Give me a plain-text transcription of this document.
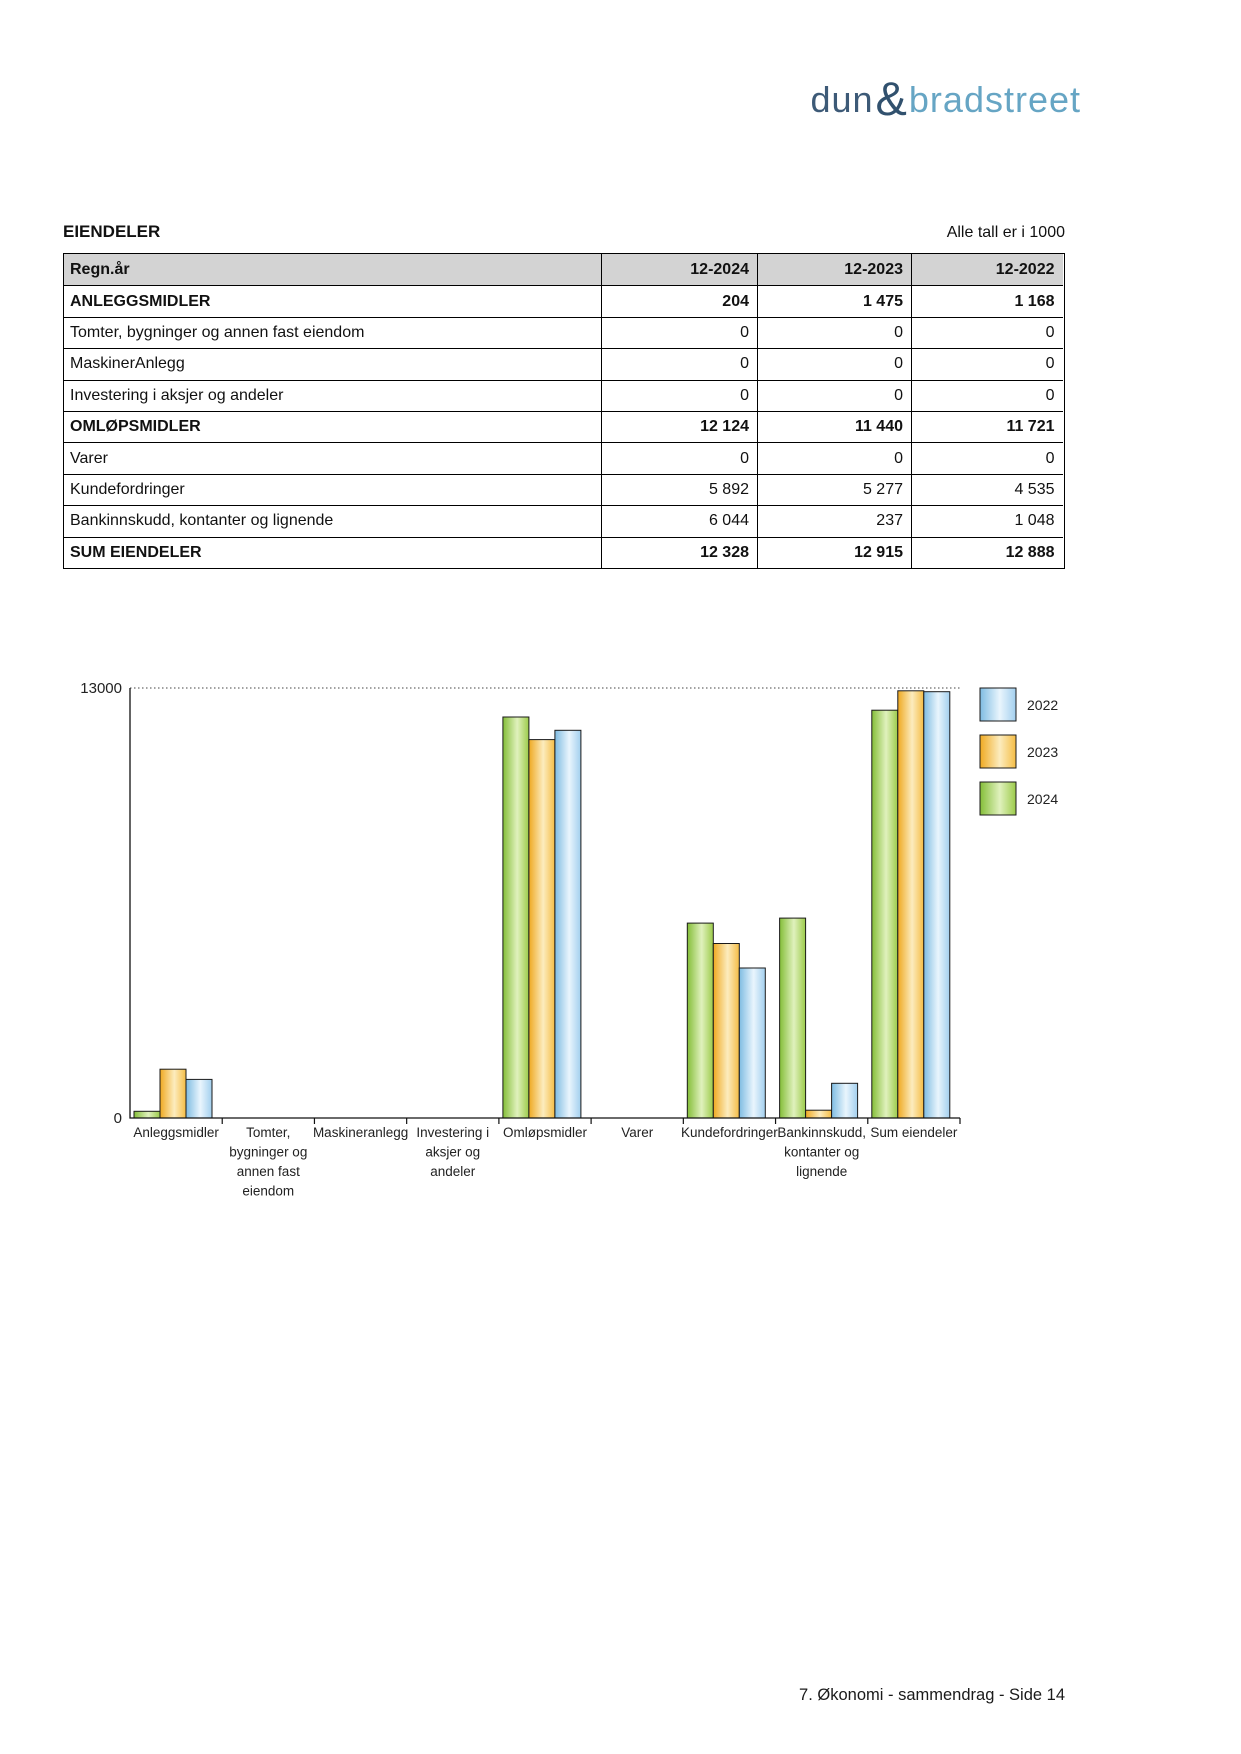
dun & bradstreet
EIENDELER	Alle tall er i 1000
Regn.år	12-2024	12-2023	12-2022
ANLEGGSMIDLER	204	1 475	1 168
Tomter, bygninger og annen fast eiendom	0	0	0
MaskinerAnlegg	0	0	0
Investering i aksjer og andeler	0	0	0
OMLØPSMIDLER	12 124	11 440	11 721
Varer	0	0	0
Kundefordringer	5 892	5 277	4 535
Bankinnskudd, kontanter og lignende	6 044	237	1 048
SUM EIENDELER	12 328	12 915	12 888
13000
0
Anleggsmidler Tomter,
bygninger og
annen fast
eiendom
Maskineranlegg Investering i
aksjer og
andeler
Omløpsmidler	Varer Kundefordringer Bankinnskudd,
kontanter og
lignende
Sum eiendeler
2022
2023
2024
7. Økonomi - sammendrag - Side 14
